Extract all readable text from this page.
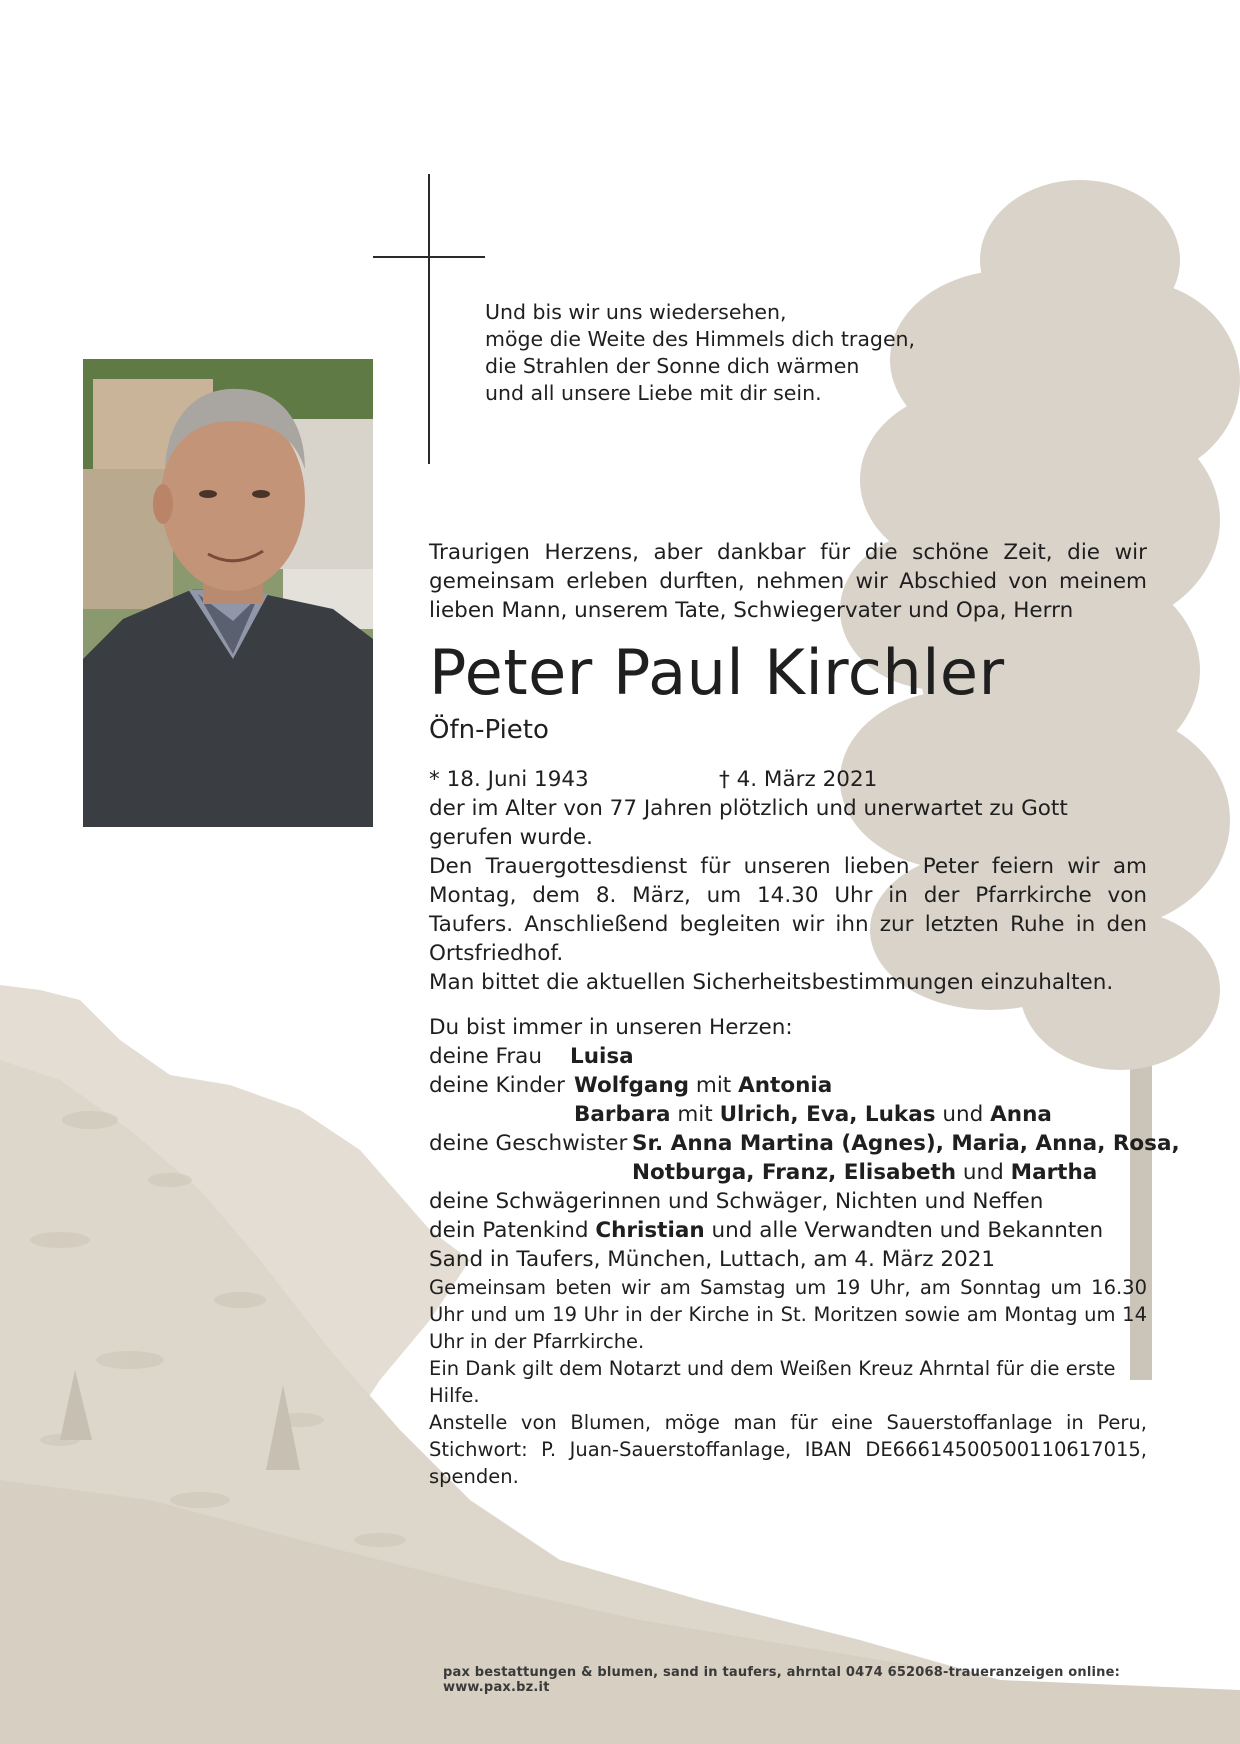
Und bis wir uns wiedersehen,
möge die Weite des Himmels dich tragen,
die Strahlen der Sonne dich wärmen
und all unsere Liebe mit dir sein.

Traurigen Herzens, aber dankbar für die schöne Zeit, die wir gemeinsam erleben durften, nehmen wir Abschied von meinem lieben Mann, unserem Tate, Schwiegervater und Opa, Herrn

Peter Paul Kirchler
Öfn-Pieto
* 18. Juni 1943	† 4. März 2021

der im Alter von 77 Jahren plötzlich und unerwartet zu Gott gerufen wurde.

Den Trauergottesdienst für unseren lieben Peter feiern wir am Montag, dem 8. März, um 14.30 Uhr in der Pfarrkirche von Taufers. Anschließend begleiten wir ihn zur letzten Ruhe in den Ortsfriedhof.

Man bittet die aktuellen Sicherheitsbestimmungen einzuhalten.

Du bist immer in unseren Herzen:
deine Frau Luisa
deine Kinder Wolfgang mit Antonia
Barbara mit Ulrich, Eva, Lukas und Anna
deine Geschwister Sr. Anna Martina (Agnes), Maria, Anna, Rosa,
Notburga, Franz, Elisabeth und Martha
deine Schwägerinnen und Schwäger, Nichten und Neffen
dein Patenkind Christian und alle Verwandten und Bekannten

Sand in Taufers, München, Luttach, am 4. März 2021

Gemeinsam beten wir am Samstag um 19 Uhr, am Sonntag um 16.30 Uhr und um 19 Uhr in der Kirche in St. Moritzen sowie am Montag um 14 Uhr in der Pfarrkirche.

Ein Dank gilt dem Notarzt und dem Weißen Kreuz Ahrntal für die erste Hilfe.

Anstelle von Blumen, möge man für eine Sauerstoffanlage in Peru, Stichwort: P. Juan-Sauerstoffanlage, IBAN DE66614500500110617015, spenden.

pax bestattungen & blumen, sand in taufers, ahrntal 0474 652068-traueranzeigen online: www.pax.bz.it
